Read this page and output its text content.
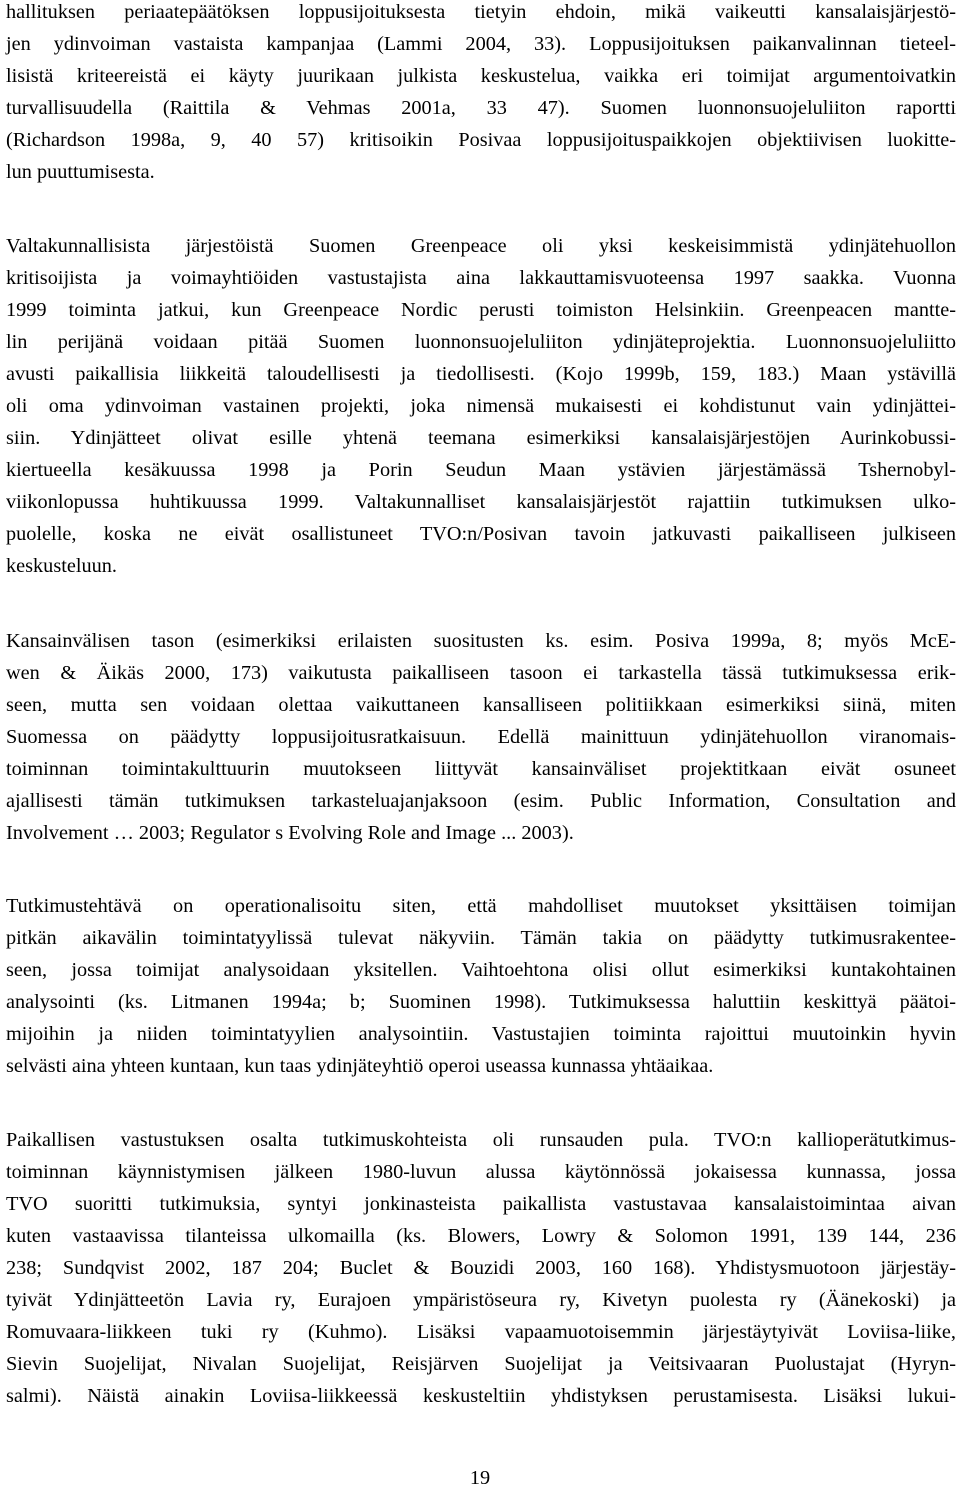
hallituksen periaatepäätöksen loppusijoituksesta tietyin ehdoin, mikä vaikeutti kansalaisjärjestö-
jen ydinvoiman vastaista kampanjaa (Lammi 2004, 33). Loppusijoituksen paikanvalinnan tieteel-
lisistä kriteereistä ei käyty juurikaan julkista keskustelua, vaikka eri toimijat argumentoivatkin
turvallisuudella (Raittila & Vehmas 2001a, 33 47). Suomen luonnonsuojeluliiton raportti
(Richardson 1998a, 9, 40 57) kritisoikin Posivaa loppusijoituspaikkojen objektiivisen luokitte-
lun puuttumisesta.
Valtakunnallisista järjestöistä Suomen Greenpeace oli yksi keskeisimmistä ydinjätehuollon
kritisoijista ja voimayhtiöiden vastustajista aina lakkauttamisvuoteensa 1997 saakka. Vuonna
1999 toiminta jatkui, kun Greenpeace Nordic perusti toimiston Helsinkiin. Greenpeacen mantte-
lin perijänä voidaan pitää Suomen luonnonsuojeluliiton ydinjäteprojektia. Luonnonsuojeluliitto
avusti paikallisia liikkeitä taloudellisesti ja tiedollisesti. (Kojo 1999b, 159, 183.) Maan ystävillä
oli oma ydinvoiman vastainen projekti, joka nimensä mukaisesti ei kohdistunut vain ydinjättei-
siin. Ydinjätteet olivat esille yhtenä teemana esimerkiksi kansalaisjärjestöjen Aurinkobussi-
kiertueella kesäkuussa 1998 ja Porin Seudun Maan ystävien järjestämässä Tshernobyl-
viikonlopussa huhtikuussa 1999. Valtakunnalliset kansalaisjärjestöt rajattiin tutkimuksen ulko-
puolelle, koska ne eivät osallistuneet TVO:n/Posivan tavoin jatkuvasti paikalliseen julkiseen
keskusteluun.
Kansainvälisen tason (esimerkiksi erilaisten suositusten ks. esim. Posiva 1999a, 8; myös McE-
wen & Äikäs 2000, 173) vaikutusta paikalliseen tasoon ei tarkastella tässä tutkimuksessa erik-
seen, mutta sen voidaan olettaa vaikuttaneen kansalliseen politiikkaan esimerkiksi siinä, miten
Suomessa on päädytty loppusijoitusratkaisuun. Edellä mainittuun ydinjätehuollon viranomais-
toiminnan toimintakulttuurin muutokseen liittyvät kansainväliset projektitkaan eivät osuneet
ajallisesti tämän tutkimuksen tarkasteluajanjaksoon (esim. Public Information, Consultation and
Involvement … 2003; Regulator s Evolving Role and Image ... 2003).
Tutkimustehtävä on operationalisoitu siten, että mahdolliset muutokset yksittäisen toimijan
pitkän aikavälin toimintatyylissä tulevat näkyviin. Tämän takia on päädytty tutkimusrakentee-
seen, jossa toimijat analysoidaan yksitellen. Vaihtoehtona olisi ollut esimerkiksi kuntakohtainen
analysointi (ks. Litmanen 1994a; b; Suominen 1998). Tutkimuksessa haluttiin keskittyä päätoi-
mijoihin ja niiden toimintatyylien analysointiin. Vastustajien toiminta rajoittui muutoinkin hyvin
selvästi aina yhteen kuntaan, kun taas ydinjäteyhtiö operoi useassa kunnassa yhtäaikaa.
Paikallisen vastustuksen osalta tutkimuskohteista oli runsauden pula. TVO:n kallioperätutkimus-
toiminnan käynnistymisen jälkeen 1980-luvun alussa käytönnössä jokaisessa kunnassa, jossa
TVO suoritti tutkimuksia, syntyi jonkinasteista paikallista vastustavaa kansalaistoimintaa aivan
kuten vastaavissa tilanteissa ulkomailla (ks. Blowers, Lowry & Solomon 1991, 139 144, 236
238; Sundqvist 2002, 187 204; Buclet & Bouzidi 2003, 160 168). Yhdistysmuotoon järjestäy-
tyivät Ydinjätteetön Lavia ry, Eurajoen ympäristöseura ry, Kivetyn puolesta ry (Äänekoski) ja
Romuvaara-liikkeen tuki ry (Kuhmo). Lisäksi vapaamuotoisemmin järjestäytyivät Loviisa-liike,
Sievin Suojelijat, Nivalan Suojelijat, Reisjärven Suojelijat ja Veitsivaaran Puolustajat (Hyryn-
salmi). Näistä ainakin Loviisa-liikkeessä keskusteltiin yhdistyksen perustamisesta. Lisäksi lukui-
19
